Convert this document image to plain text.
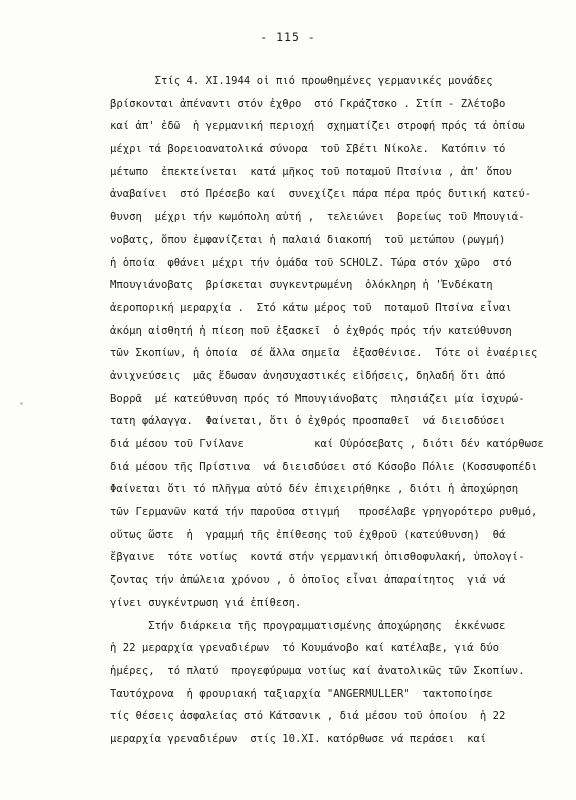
- 115 -
Στίς 4. XI.1944 οἱ πιό προωθημένες γερμανικές μονάδες
βρίσκονται ἀπέναντι στόν ἐχθρο  στό Γκράζτσκο . Στίπ - Ζλέτοβο
καί ἀπ' ἐδῶ  ἡ γερμανική περιοχή  σχηματίζει στροφή πρός τά ὀπίσω
μέχρι τά βορειοανατολικά σύνορα  τοῦ Σβέτι Νίκολε.  Κατόπιν τό
μέτωπο  ἐπεκτείνεται  κατά μῆκος τοῦ ποταμοῦ Πτσίνια , ἀπ' ὅπου
ἀναβαίνει  στό Πρέσεβο καί  συνεχίζει πάρα πέρα πρός δυτική κατεύ-
θυνση  μέχρι τήν κωμόπολη αὐτή ,  τελειώνει  βορείως τοῦ Μπουγιά-
νοβατς, ὅπου ἐμφανίζεται ἡ παλαιά διακοπή  τοῦ μετώπου (ρωγμή)
ἡ ὁποία  φθάνει μέχρι τήν ὁμάδα τοῦ SCHOLZ. Τώρα στόν χῶρο  στό
Μπουγιάνοβατς  βρίσκεται συγκεντρωμένη  ὁλόκληρη ἡ 'Ἐνδέκατη
ἀεροπορική μεραρχία .  Στό κάτω μέρος τοῦ  ποταμοῦ Πτσίνα εἶναι
ἀκόμη αἰσθητή ἡ πίεση ποῦ ἐξασκεῖ  ὁ ἐχθρός πρός τήν κατεύθυνση
τῶν Σκοπίων, ἡ ὁποία  σέ ἄλλα σημεῖα  ἐξασθένισε.  Τότε οἱ ἐναέριες
ἀνιχνεύσεις  μᾶς ἔδωσαν ἀνησυχαστικές εἰδήσεις, δηλαδή ὅτι ἀπό
Βορρᾶ  μέ κατεύθυνση πρός τό Μπουγιάνοβατς  πλησιάζει μία ἰσχυρώ-
τατη φάλαγγα.  Φαίνεται, ὅτι ὁ ἐχθρός προσπαθεῖ  νά διεισδύσει
διά μέσου τοῦ Γνίλανε           καί Οὐρόσεβατς , διότι δέν κατόρθωσε
διά μέσου τῆς Πρίστινα  νά διεισδύσει στό Κόσοβο Πόλιε (Κοσσυφοπέδι
Φαίνεται ὅτι τό πλῆγμα αὐτό δέν ἐπιχειρήθηκε , διότι ἡ ἀποχώρηση
τῶν Γερμανῶν κατά τήν παροῦσα στιγμή   προσέλαβε γρηγορότερο ρυθμό,
οὕτως ὥστε  ἡ  γραμμή τῆς ἐπίθεσης τοῦ ἐχθροῦ (κατεύθυνση)  θά
ἔβγαινε  τότε νοτίως  κοντά στήν γερμανική ὀπισθοφυλακή, ὑπολογί-
ζοντας τήν ἀπώλεια χρόνου , ὁ ὁποῖος εἶναι ἀπαραίτητος  γιά νά
γίνει συγκέντρωση γιά ἐπίθεση.
Στήν διάρκεια τῆς προγραμματισμένης ἀποχώρησης  ἐκκένωσε
ἡ 22 μεραρχία γρεναδιέρων  τό Κουμάνοβο καί κατέλαβε, γιά δύο
ἡμέρες,  τό πλατύ  προγεφύρωμα νοτίως καί ἀνατολικῶς τῶν Σκοπίων.
Ταυτόχρονα  ἡ φρουριακή ταξιαρχία "ANGERMULLER"  τακτοποίησε
τίς θέσεις ἀσφαλείας στό Κάτσανικ , διά μέσου τοῦ ὁποίου  ἡ 22
μεραρχία γρεναδιέρων  στίς 10.XI. κατόρθωσε νά περάσει  καί
